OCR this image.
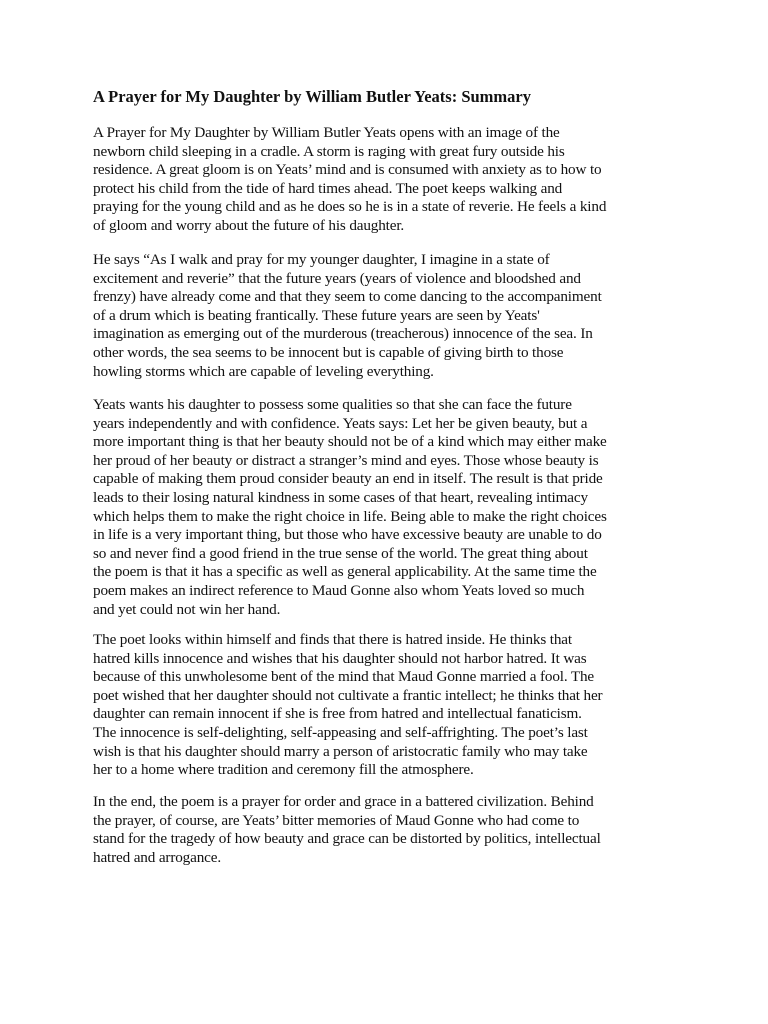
A Prayer for My Daughter by William Butler Yeats: Summary

A Prayer for My Daughter by William Butler Yeats opens with an image of the
newborn child sleeping in a cradle. A storm is raging with great fury outside his
residence. A great gloom is on Yeats’ mind and is consumed with anxiety as to how to
protect his child from the tide of hard times ahead. The poet keeps walking and
praying for the young child and as he does so he is in a state of reverie. He feels a kind
of gloom and worry about the future of his daughter.

He says “As I walk and pray for my younger daughter, I imagine in a state of
excitement and reverie” that the future years (years of violence and bloodshed and
frenzy) have already come and that they seem to come dancing to the accompaniment
of a drum which is beating frantically. These future years are seen by Yeats'
imagination as emerging out of the murderous (treacherous) innocence of the sea. In
other words, the sea seems to be innocent but is capable of giving birth to those
howling storms which are capable of leveling everything.

Yeats wants his daughter to possess some qualities so that she can face the future
years independently and with confidence. Yeats says: Let her be given beauty, but a
more important thing is that her beauty should not be of a kind which may either make
her proud of her beauty or distract a stranger’s mind and eyes. Those whose beauty is
capable of making them proud consider beauty an end in itself. The result is that pride
leads to their losing natural kindness in some cases of that heart, revealing intimacy
which helps them to make the right choice in life. Being able to make the right choices
in life is a very important thing, but those who have excessive beauty are unable to do
so and never find a good friend in the true sense of the world. The great thing about
the poem is that it has a specific as well as general applicability. At the same time the
poem makes an indirect reference to Maud Gonne also whom Yeats loved so much
and yet could not win her hand.

The poet looks within himself and finds that there is hatred inside. He thinks that
hatred kills innocence and wishes that his daughter should not harbor hatred. It was
because of this unwholesome bent of the mind that Maud Gonne married a fool. The
poet wished that her daughter should not cultivate a frantic intellect; he thinks that her
daughter can remain innocent if she is free from hatred and intellectual fanaticism.
The innocence is self-delighting, self-appeasing and self-affrighting. The poet’s last
wish is that his daughter should marry a person of aristocratic family who may take
her to a home where tradition and ceremony fill the atmosphere.

In the end, the poem is a prayer for order and grace in a battered civilization. Behind
the prayer, of course, are Yeats’ bitter memories of Maud Gonne who had come to
stand for the tragedy of how beauty and grace can be distorted by politics, intellectual
hatred and arrogance.
